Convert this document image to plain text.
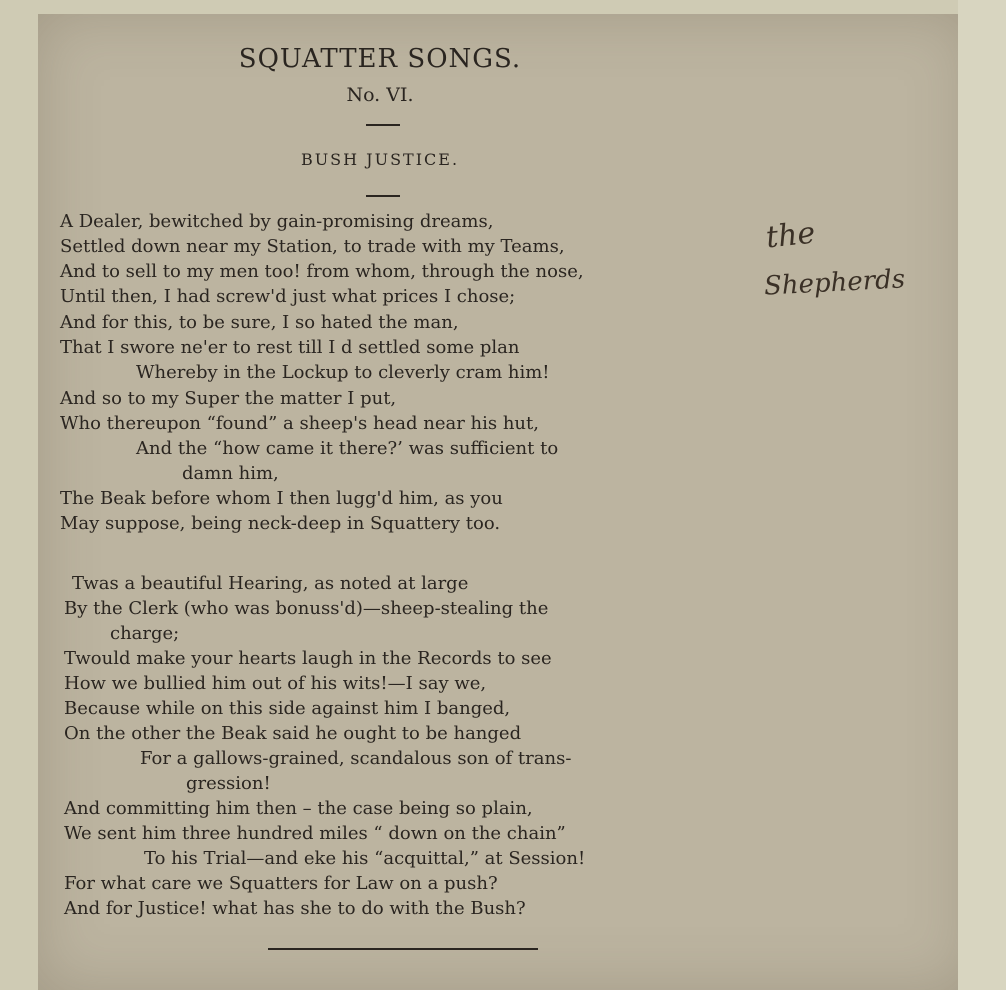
SQUATTER SONGS.
No. VI.
BUSH JUSTICE.
A Dealer, bewitched by gain-promising dreams,
Settled down near my Station, to trade with my Teams,
And to sell to my men too! from whom, through the nose,
Until then, I had screw'd just what prices I chose;
And for this, to be sure, I so hated the man,
That I swore ne'er to rest till I d settled some plan
Whereby in the Lockup to cleverly cram him!
And so to my Super the matter I put,
Who thereupon “found” a sheep's head near his hut,
And the “how came it there?’ was sufficient to
damn him,
The Beak before whom I then lugg'd him, as you
May suppose, being neck-deep in Squattery too.
Twas a beautiful Hearing, as noted at large
By the Clerk (who was bonuss'd)—sheep-stealing the
charge;
Twould make your hearts laugh in the Records to see
How we bullied him out of his wits!—I say we,
Because while on this side against him I banged,
On the other the Beak said he ought to be hanged
For a gallows-grained, scandalous son of trans-
gression!
And committing him then – the case being so plain,
We sent him three hundred miles “ down on the chain”
To his Trial—and eke his “acquittal,” at Session!
For what care we Squatters for Law on a push?
And for Justice! what has she to do with the Bush?
the
Shepherds
